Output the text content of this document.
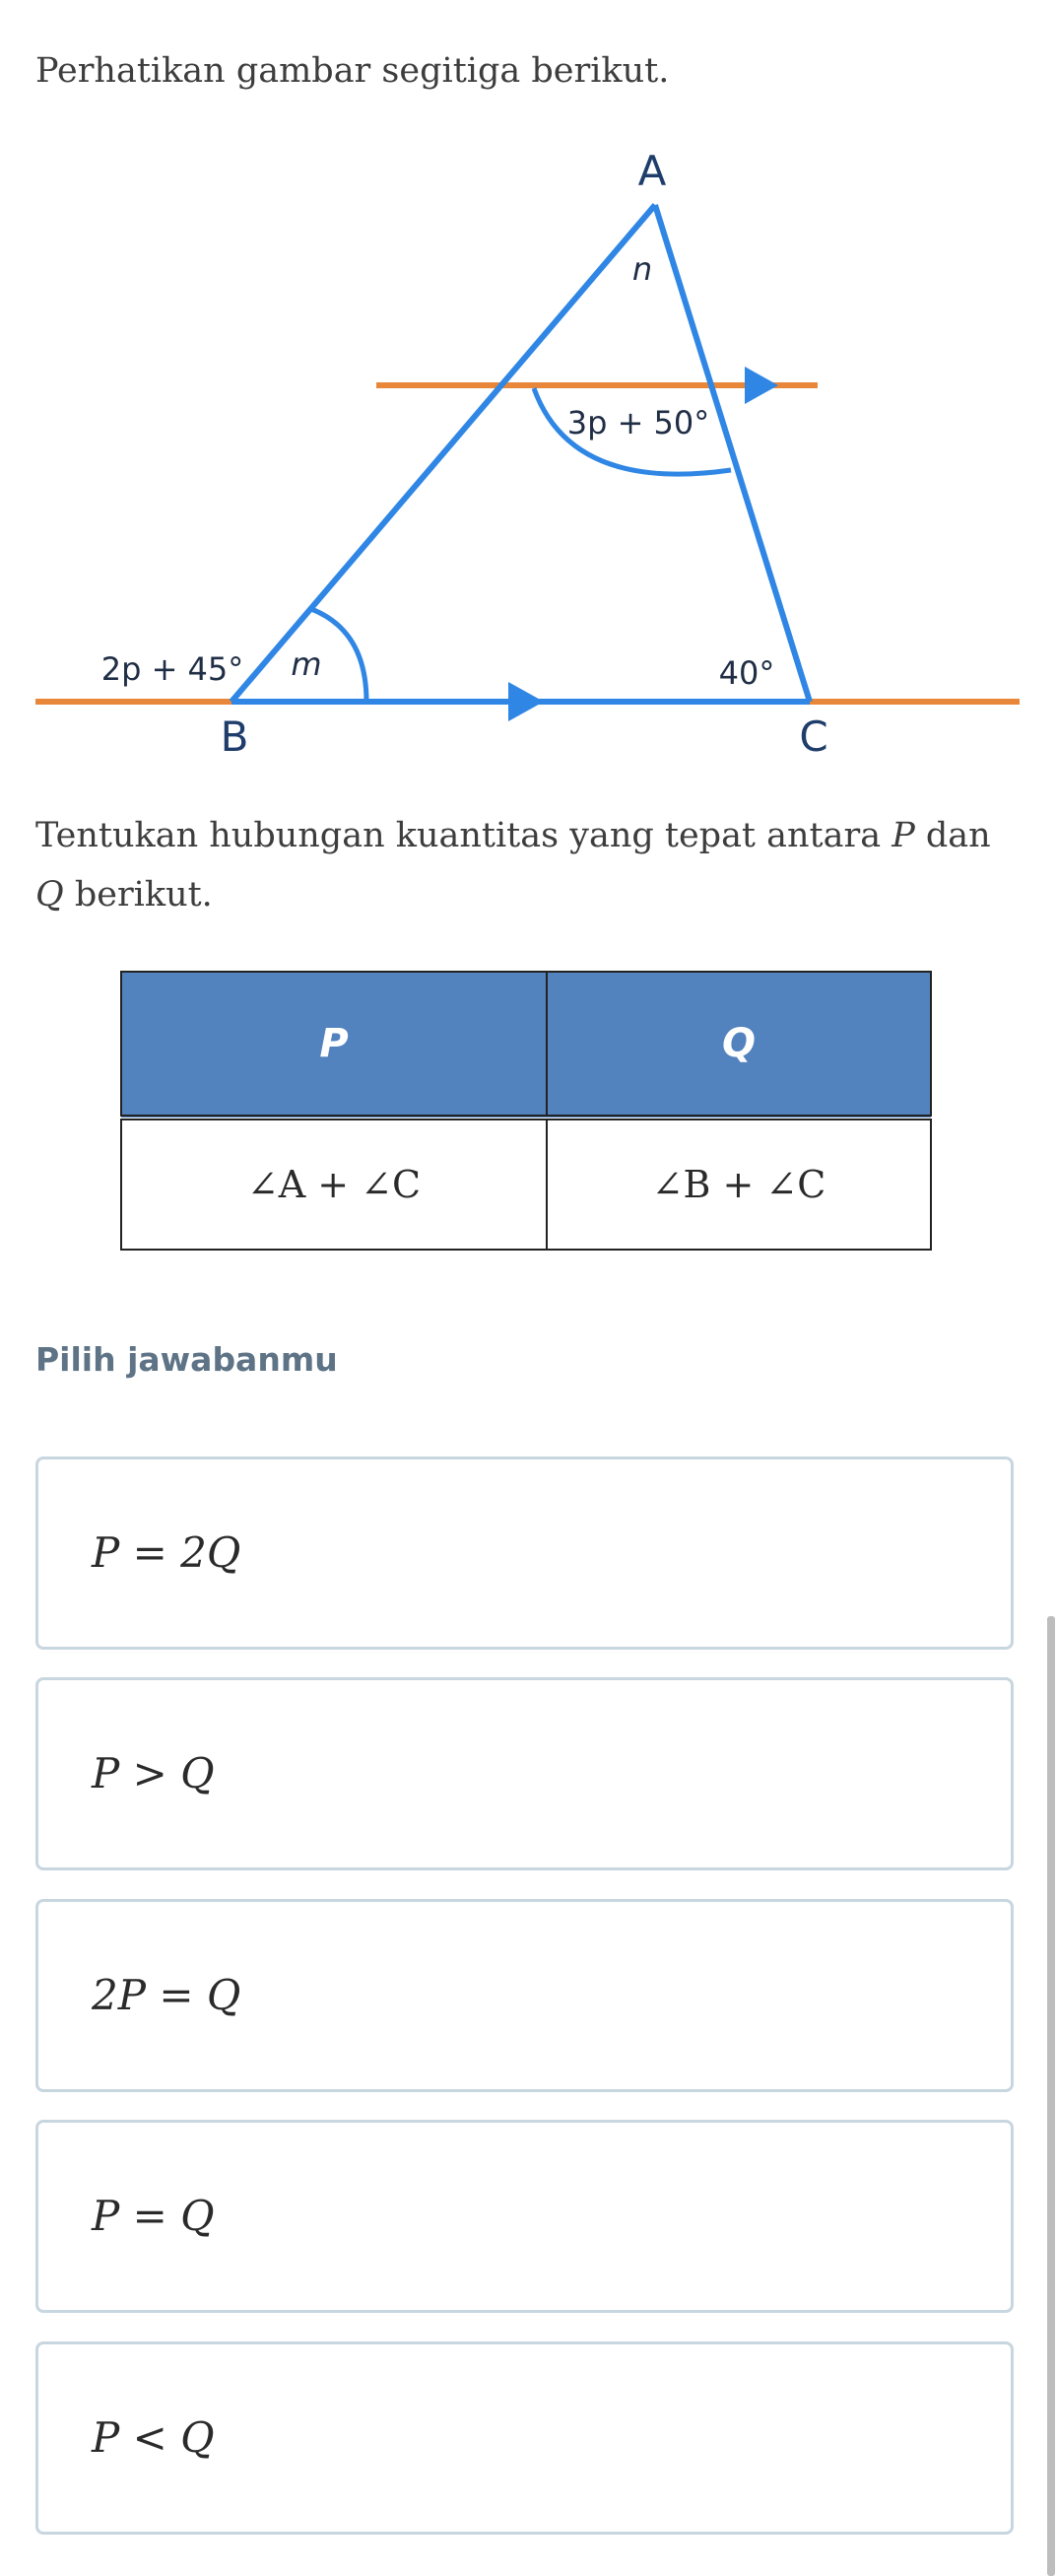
Perhatikan gambar segitiga berikut.
A
B	C
n
3p + 50°
m
2p + 45°	40°
Tentukan hubungan kuantitas yang tepat antara P dan
Q berikut.
P	Q
∠A + ∠C	∠B + ∠C
Pilih jawabanmu
P = 2Q
P > Q
2P = Q
P = Q
P < Q
